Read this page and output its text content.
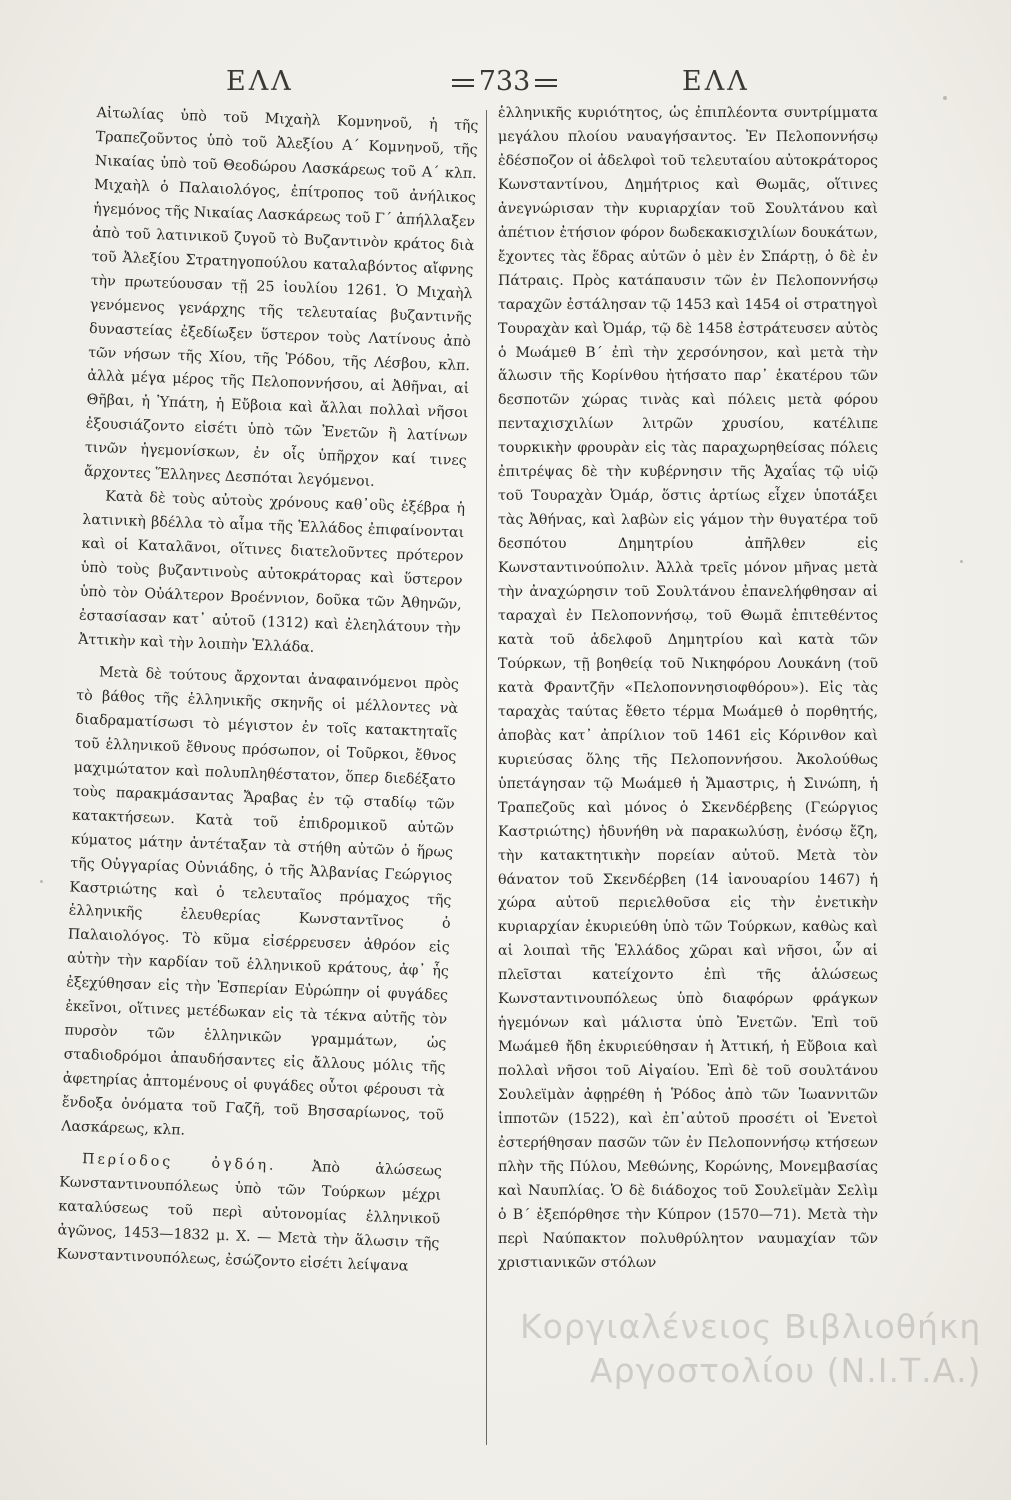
ΕΛΛ	733	ΕΛΛ

Αἰτωλίας ὑπὸ τοῦ Μιχαὴλ Κομνηνοῦ, ἡ τῆς Τραπεζοῦντος ὑπὸ τοῦ Ἀλεξίου Α΄ Κομνηνοῦ, τῆς Νικαίας ὑπὸ τοῦ Θεοδώρου Λασκάρεως τοῦ Α΄ κλπ. Μιχαὴλ ὁ Παλαιολόγος, ἐπίτροπος τοῦ ἀνήλικος ἡγεμόνος τῆς Νικαίας Λασκάρεως τοῦ Γ΄ ἀπήλλαξεν ἀπὸ τοῦ λατινικοῦ ζυγοῦ τὸ Βυζαντινὸν κράτος διὰ τοῦ Ἀλεξίου Στρατηγοπούλου καταλαβόντος αἴφνης τὴν πρωτεύουσαν τῇ 25 ἰουλίου 1261. Ὁ Μιχαὴλ γενόμενος γενάρχης τῆς τελευταίας βυζαντινῆς δυναστείας ἐξεδίωξεν ὕστερον τοὺς Λατίνους ἀπὸ τῶν νήσων τῆς Χίου, τῆς Ῥόδου, τῆς Λέσβου, κλπ. ἀλλὰ μέγα μέρος τῆς Πελοποννήσου, αἱ Ἀθῆναι, αἱ Θῆβαι, ἡ Ὑπάτη, ἡ Εὔβοια καὶ ἄλλαι πολλαὶ νῆσοι ἐξουσιάζοντο εἰσέτι ὑπὸ τῶν Ἐνετῶν ἢ λατίνων τινῶν ἡγεμονίσκων, ἐν οἷς ὑπῆρχον καί τινες ἄρχοντες Ἕλληνες Δεσπόται λεγόμενοι.

Κατὰ δὲ τοὺς αὐτοὺς χρόνους καθ᾽οὓς ἐξέβρα ἡ λατινικὴ βδέλλα τὸ αἷμα τῆς Ἑλλάδος ἐπιφαίνονται καὶ οἱ Καταλᾶνοι, οἵτινες διατελοῦντες πρότερον ὑπὸ τοὺς βυζαντινοὺς αὐτοκράτορας καὶ ὕστερον ὑπὸ τὸν Οὐάλτερον Βροέννιον, δοῦκα τῶν Ἀθηνῶν, ἐστασίασαν κατ᾽ αὐτοῦ (1312) καὶ ἐλεηλάτουν τὴν Ἀττικὴν καὶ τὴν λοιπὴν Ἑλλάδα.

Μετὰ δὲ τούτους ἄρχονται ἀναφαινόμενοι πρὸς τὸ βάθος τῆς ἑλληνικῆς σκηνῆς οἱ μέλλοντες νὰ διαδραματίσωσι τὸ μέγιστον ἐν τοῖς κατακτηταῖς τοῦ ἑλληνικοῦ ἔθνους πρόσωπον, οἱ Τοῦρκοι, ἔθνος μαχιμώτατον καὶ πολυπληθέστατον, ὅπερ διεδέξατο τοὺς παρακμάσαντας Ἄραβας ἐν τῷ σταδίῳ τῶν κατακτήσεων. Κατὰ τοῦ ἐπιδρομικοῦ αὐτῶν κύματος μάτην ἀντέταξαν τὰ στήθη αὐτῶν ὁ ἥρως τῆς Οὐγγαρίας Οὐνιάδης, ὁ τῆς Ἀλβανίας Γεώργιος Καστριώτης καὶ ὁ τελευταῖος πρόμαχος τῆς ἑλληνικῆς ἐλευθερίας Κωνσταντῖνος ὁ Παλαιολόγος. Τὸ κῦμα εἰσέρρευσεν ἀθρόον εἰς αὐτὴν τὴν καρδίαν τοῦ ἑλληνικοῦ κράτους, ἀφ᾽ ἧς ἐξεχύθησαν εἰς τὴν Ἑσπερίαν Εὐρώπην οἱ φυγάδες ἐκεῖνοι, οἵτινες μετέδωκαν εἰς τὰ τέκνα αὐτῆς τὸν πυρσὸν τῶν ἑλληνικῶν γραμμάτων, ὡς σταδιοδρόμοι ἀπαυδήσαντες εἰς ἄλλους μόλις τῆς ἀφετηρίας ἀπτομένους οἱ φυγάδες οὗτοι φέρουσι τὰ ἔνδοξα ὀνόματα τοῦ Γαζῆ, τοῦ Βησσαρίωνος, τοῦ Λασκάρεως, κλπ.

Περίοδος ὀγδόη. Ἀπὸ ἁλώσεως Κωνσταντινουπόλεως ὑπὸ τῶν Τούρκων μέχρι καταλύσεως τοῦ περὶ αὐτονομίας ἑλληνικοῦ ἀγῶνος, 1453—1832 μ. Χ. — Μετὰ τὴν ἅλωσιν τῆς Κωνσταντινουπόλεως, ἐσώζοντο εἰσέτι λείψανα

ἑλληνικῆς κυριότητος, ὡς ἐπιπλέοντα συντρίμματα μεγάλου πλοίου ναυαγήσαντος. Ἐν Πελοποννήσῳ ἐδέσποζον οἱ ἀδελφοὶ τοῦ τελευταίου αὐτοκράτορος Κωνσταντίνου, Δημήτριος καὶ Θωμᾶς, οἵτινες ἀνεγνώρισαν τὴν κυριαρχίαν τοῦ Σουλτάνου καὶ ἀπέτιον ἐτήσιον φόρον δωδεκακισχιλίων δουκάτων, ἔχοντες τὰς ἕδρας αὐτῶν ὁ μὲν ἐν Σπάρτῃ, ὁ δὲ ἐν Πάτραις. Πρὸς κατάπαυσιν τῶν ἐν Πελοποννήσῳ ταραχῶν ἐστάλησαν τῷ 1453 καὶ 1454 οἱ στρατηγοὶ Τουραχὰν καὶ Ὀμάρ, τῷ δὲ 1458 ἐστράτευσεν αὐτὸς ὁ Μωάμεθ Β΄ ἐπὶ τὴν χερσόνησον, καὶ μετὰ τὴν ἅλωσιν τῆς Κορίνθου ἠτήσατο παρ᾽ ἑκατέρου τῶν δεσποτῶν χώρας τινὰς καὶ πόλεις μετὰ φόρου πενταχισχιλίων λιτρῶν χρυσίου, κατέλιπε τουρκικὴν φρουρὰν εἰς τὰς παραχωρηθείσας πόλεις ἐπιτρέψας δὲ τὴν κυβέρνησιν τῆς Ἀχαΐας τῷ υἱῷ τοῦ Τουραχὰν Ὀμάρ, ὅστις ἀρτίως εἶχεν ὑποτάξει τὰς Ἀθήνας, καὶ λαβὼν εἰς γάμον τὴν θυγατέρα τοῦ δεσπότου Δημητρίου ἀπῆλθεν εἰς Κωνσταντινούπολιν. Ἀλλὰ τρεῖς μόνον μῆνας μετὰ τὴν ἀναχώρησιν τοῦ Σουλτάνου ἐπανελήφθησαν αἱ ταραχαὶ ἐν Πελοποννήσῳ, τοῦ Θωμᾶ ἐπιτεθέντος κατὰ τοῦ ἀδελφοῦ Δημητρίου καὶ κατὰ τῶν Τούρκων, τῇ βοηθείᾳ τοῦ Νικηφόρου Λουκάνη (τοῦ κατὰ Φραντζῆν «Πελοποννησιοφθόρου»). Εἰς τὰς ταραχὰς ταύτας ἔθετο τέρμα Μωάμεθ ὁ πορθητής, ἀποβὰς κατ᾽ ἀπρίλιον τοῦ 1461 εἰς Κόρινθον καὶ κυριεύσας ὅλης τῆς Πελοποννήσου. Ἀκολούθως ὑπετάγησαν τῷ Μωάμεθ ἡ Ἄμαστρις, ἡ Σινώπη, ἡ Τραπεζοῦς καὶ μόνος ὁ Σκενδέρβεης (Γεώργιος Καστριώτης) ἠδυνήθη νὰ παρακωλύσῃ, ἐνόσῳ ἔζη, τὴν κατακτητικὴν πορείαν αὐτοῦ. Μετὰ τὸν θάνατον τοῦ Σκενδέρβεη (14 ἰανουαρίου 1467) ἡ χώρα αὐτοῦ περιελθοῦσα εἰς τὴν ἐνετικὴν κυριαρχίαν ἐκυριεύθη ὑπὸ τῶν Τούρκων, καθὼς καὶ αἱ λοιπαὶ τῆς Ἑλλάδος χῶραι καὶ νῆσοι, ὧν αἱ πλεῖσται κατείχοντο ἐπὶ τῆς ἁλώσεως Κωνσταντινουπόλεως ὑπὸ διαφόρων φράγκων ἡγεμόνων καὶ μάλιστα ὑπὸ Ἐνετῶν. Ἐπὶ τοῦ Μωάμεθ ἤδη ἐκυριεύθησαν ἡ Ἀττική, ἡ Εὔβοια καὶ πολλαὶ νῆσοι τοῦ Αἰγαίου. Ἐπὶ δὲ τοῦ σουλτάνου Σουλεϊμὰν ἀφῃρέθη ἡ Ῥόδος ἀπὸ τῶν Ἰωαννιτῶν ἱπποτῶν (1522), καὶ ἐπ᾽αὐτοῦ προσέτι οἱ Ἐνετοὶ ἐστερήθησαν πασῶν τῶν ἐν Πελοποννήσῳ κτήσεων πλὴν τῆς Πύλου, Μεθώνης, Κορώνης, Μονεμβασίας καὶ Ναυπλίας. Ὁ δὲ διάδοχος τοῦ Σουλεϊμὰν Σελὶμ ὁ Β΄ ἐξεπόρθησε τὴν Κύπρον (1570—71). Μετὰ τὴν περὶ Ναύπακτον πολυθρύλητον ναυμαχίαν τῶν χριστιανικῶν στόλων

Κοργιαλένειος Βιβλιοθήκη
Αργοστολίου (Ν.Ι.Τ.Α.)
